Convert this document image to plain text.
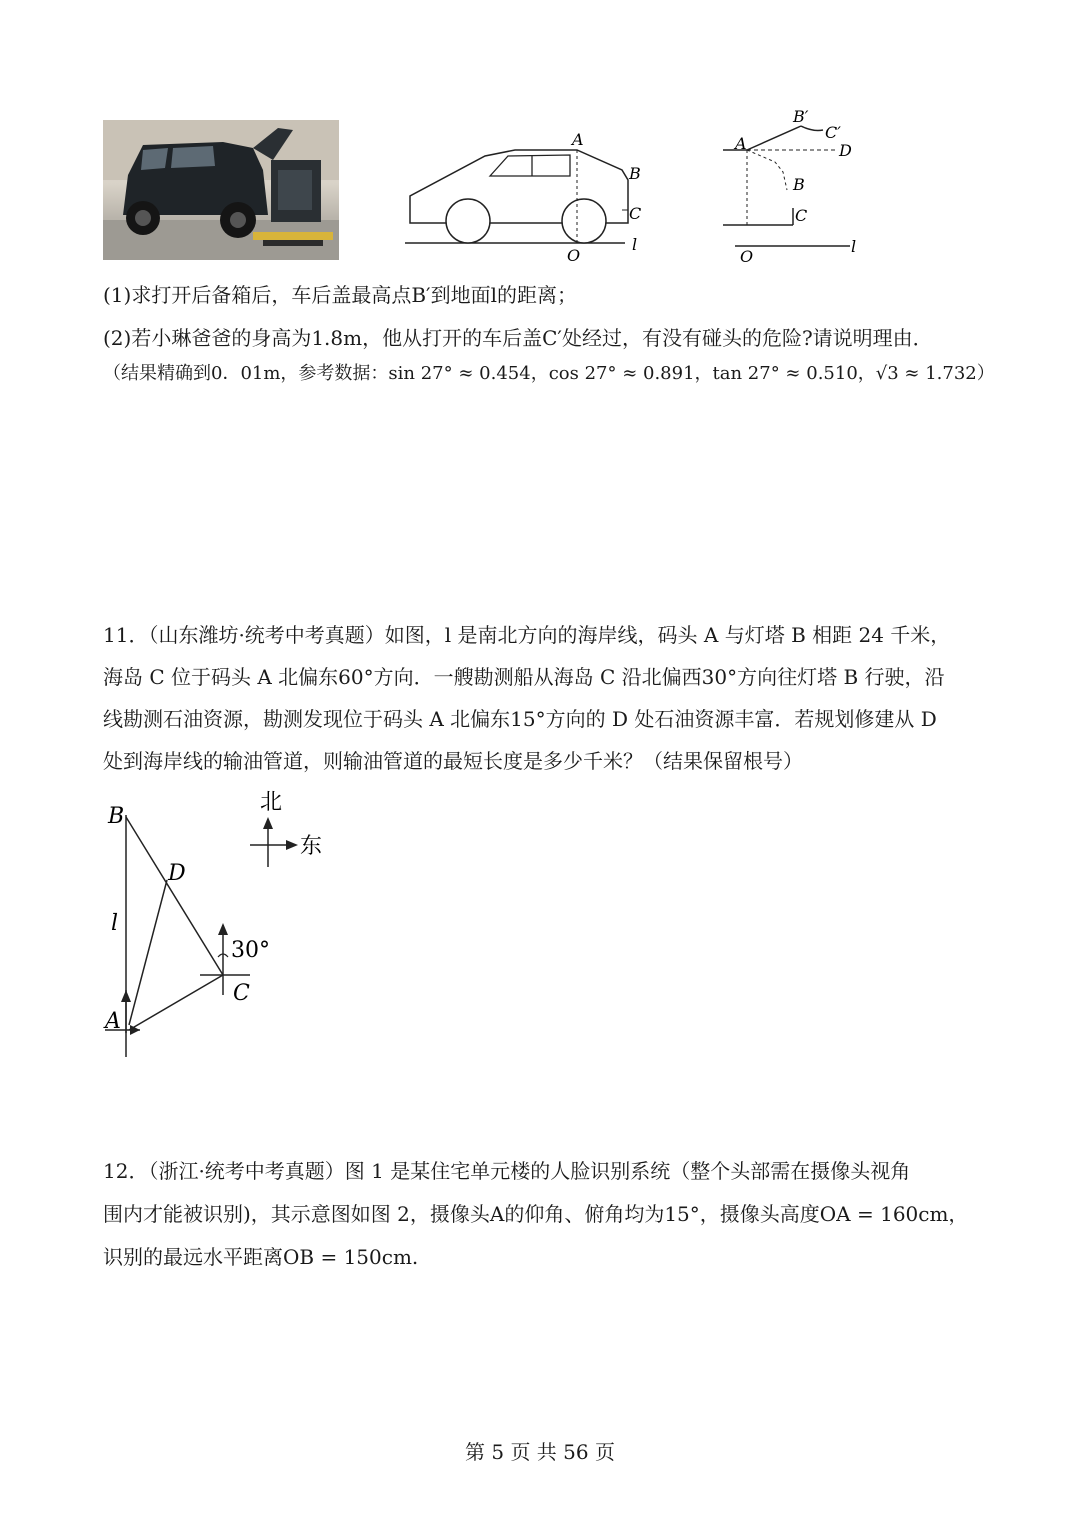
A
B
C
O
l
B′
C′
A	D
B
C
O
l
(1)求打开后备箱后，车后盖最高点B′到地面l的距离；
(2)若小琳爸爸的身高为1.8m，他从打开的车后盖C′处经过，有没有碰头的危险?请说明理由．
（结果精确到0．01m，参考数据：sin 27° ≈ 0.454，cos 27° ≈ 0.891，tan 27° ≈ 0.510，√3 ≈ 1.732）
11．（山东潍坊·统考中考真题）如图，l 是南北方向的海岸线，码头 A 与灯塔 B 相距 24 千米，
海岛 C 位于码头 A 北偏东60°方向．一艘勘测船从海岛 C 沿北偏西30°方向往灯塔 B 行驶，沿
线勘测石油资源，勘测发现位于码头 A 北偏东15°方向的 D 处石油资源丰富．若规划修建从 D
处到海岸线的输油管道，则输油管道的最短长度是多少千米？（结果保留根号）
B
D
l
30°
C
A
北
东
12．（浙江·统考中考真题）图 1 是某住宅单元楼的人脸识别系统（整个头部需在摄像头视角
围内才能被识别)，其示意图如图 2，摄像头A的仰角、俯角均为15°，摄像头高度OA = 160cm，
识别的最远水平距离OB = 150cm.
第 5 页 共 56 页
